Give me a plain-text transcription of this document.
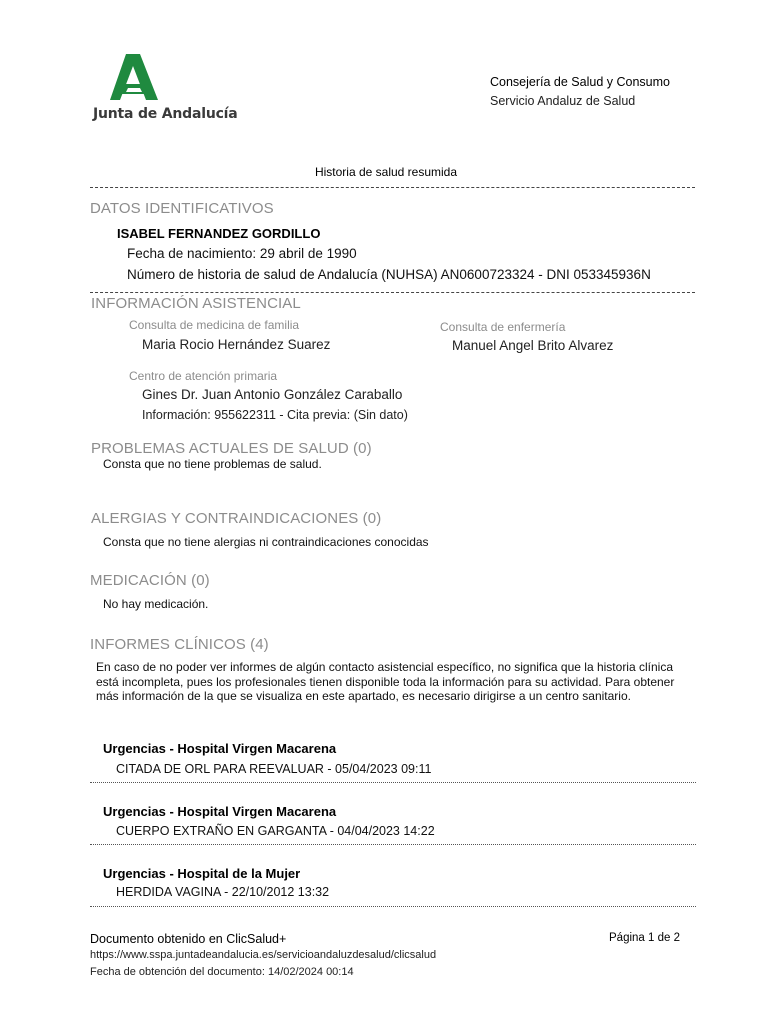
Junta de Andalucía
Consejería de Salud y Consumo
Servicio Andaluz de Salud
Historia de salud resumida
DATOS IDENTIFICATIVOS
ISABEL FERNANDEZ GORDILLO
Fecha de nacimiento: 29 abril de 1990
Número de historia de salud de Andalucía (NUHSA) AN0600723324 - DNI 053345936N
INFORMACIÓN ASISTENCIAL
Consulta de medicina de familia
Maria Rocio Hernández Suarez
Consulta de enfermería
Manuel Angel Brito Alvarez
Centro de atención primaria
Gines Dr. Juan Antonio González Caraballo
Información: 955622311 - Cita previa: (Sin dato)
PROBLEMAS ACTUALES DE SALUD (0)
Consta que no tiene problemas de salud.
ALERGIAS Y CONTRAINDICACIONES (0)
Consta que no tiene alergias ni contraindicaciones conocidas
MEDICACIÓN (0)
No hay medicación.
INFORMES CLÍNICOS (4)
En caso de no poder ver informes de algún contacto asistencial específico, no significa que la historia clínica está incompleta, pues los profesionales tienen disponible toda la información para su actividad. Para obtener más información de la que se visualiza en este apartado, es necesario dirigirse a un centro sanitario.
Urgencias - Hospital Virgen Macarena
CITADA DE ORL PARA REEVALUAR - 05/04/2023 09:11
Urgencias - Hospital Virgen Macarena
CUERPO EXTRAÑO EN GARGANTA - 04/04/2023 14:22
Urgencias - Hospital de la Mujer
HERDIDA VAGINA - 22/10/2012 13:32
Documento obtenido en ClicSalud+
https://www.sspa.juntadeandalucia.es/servicioandaluzdesalud/clicsalud
Fecha de obtención del documento: 14/02/2024 00:14
Página 1 de 2
